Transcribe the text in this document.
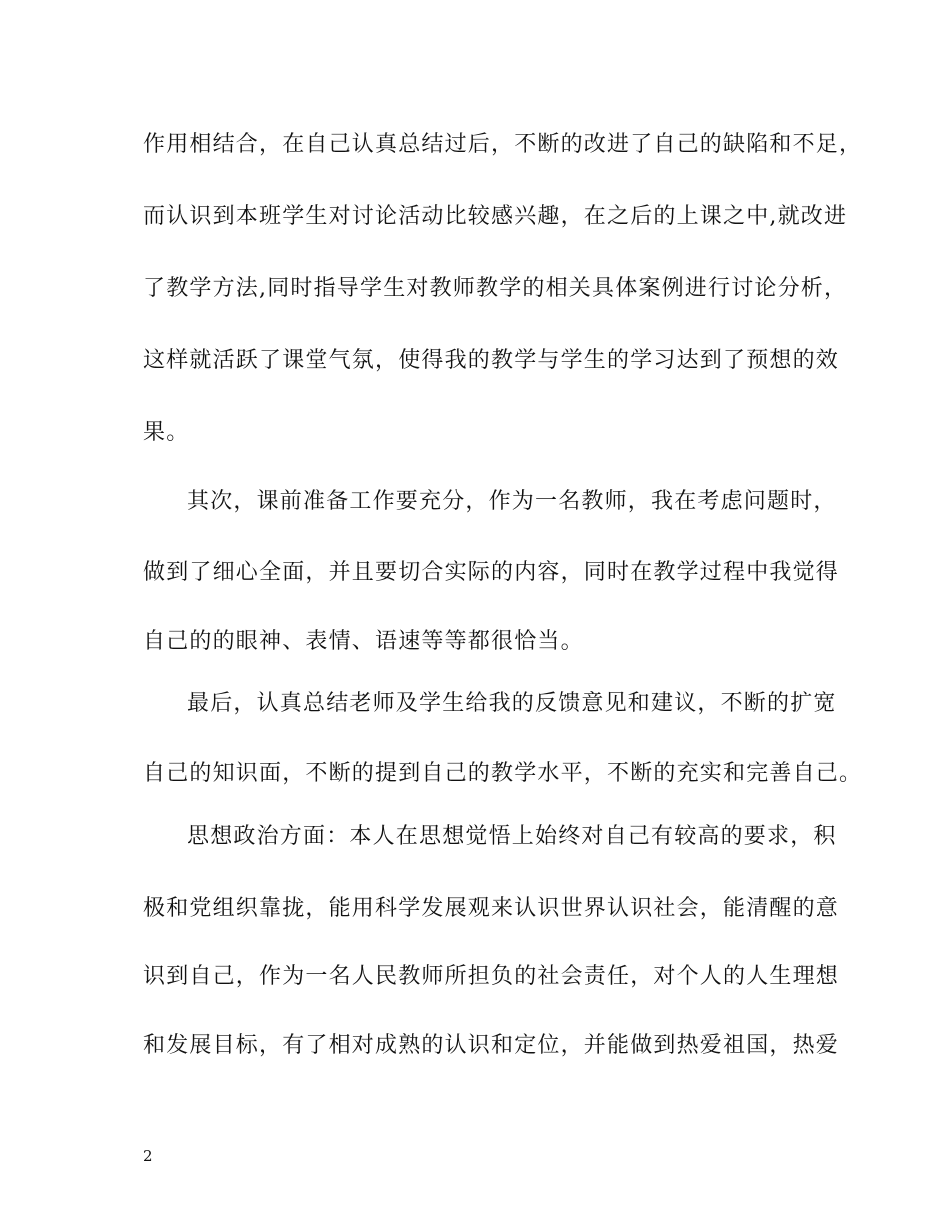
作用相结合，在自己认真总结过后，不断的改进了自己的缺陷和不足，
而认识到本班学生对讨论活动比较感兴趣，在之后的上课之中,就改进
了教学方法,同时指导学生对教师教学的相关具体案例进行讨论分析，
这样就活跃了课堂气氛，使得我的教学与学生的学习达到了预想的效
果。
其次，课前准备工作要充分，作为一名教师，我在考虑问题时，
做到了细心全面，并且要切合实际的内容，同时在教学过程中我觉得
自己的的眼神、表情、语速等等都很恰当。
最后，认真总结老师及学生给我的反馈意见和建议，不断的扩宽
自己的知识面，不断的提到自己的教学水平，不断的充实和完善自己。
思想政治方面：本人在思想觉悟上始终对自己有较高的要求，积
极和党组织靠拢，能用科学发展观来认识世界认识社会，能清醒的意
识到自己，作为一名人民教师所担负的社会责任，对个人的人生理想
和发展目标，有了相对成熟的认识和定位，并能做到热爱祖国，热爱
2
